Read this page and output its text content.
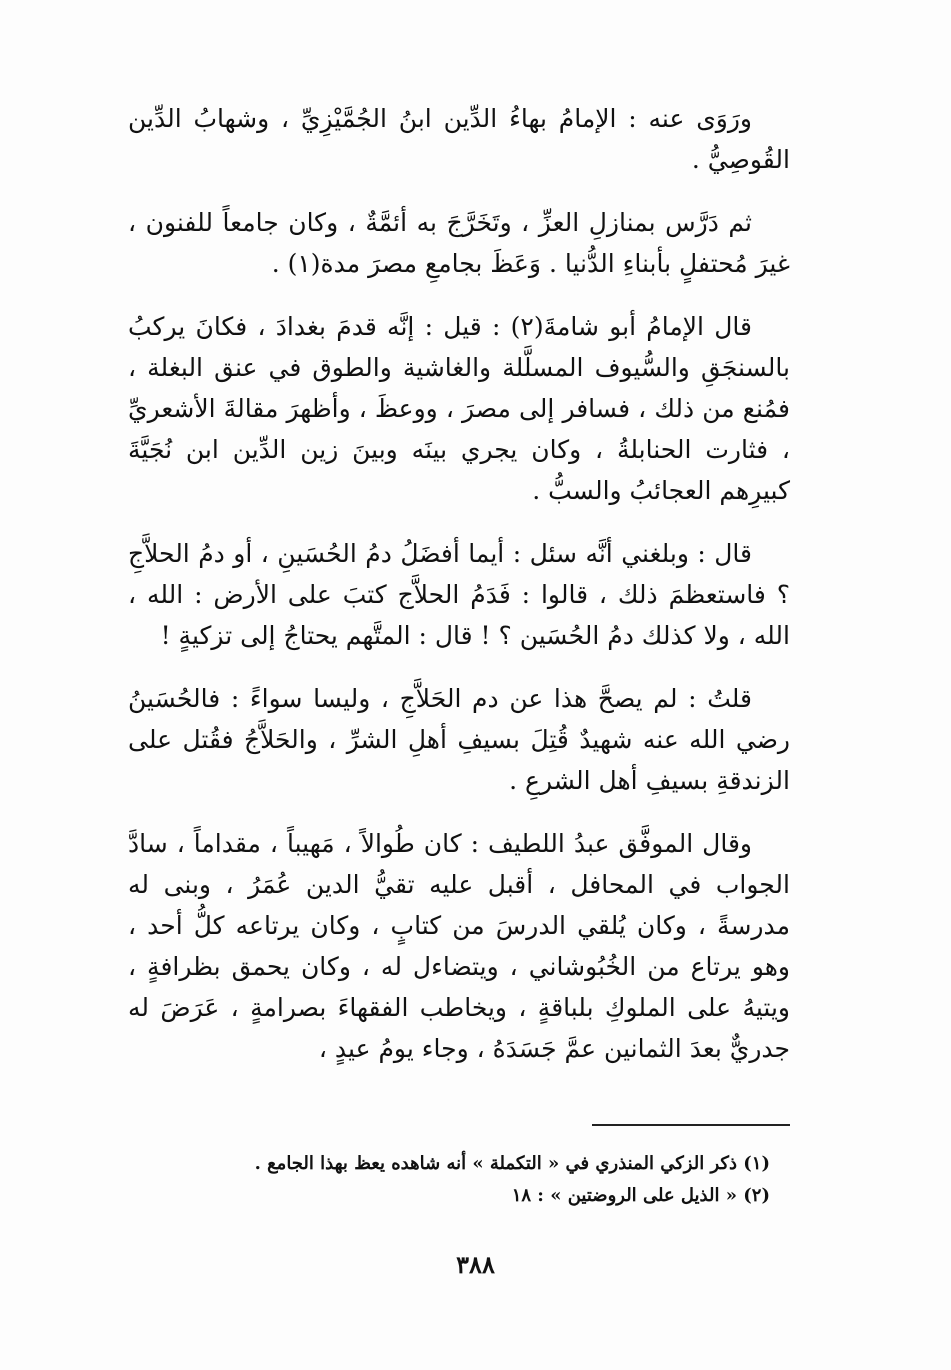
ورَوَى عنه : الإمامُ بهاءُ الدِّين ابنُ الجُمَّيْزِيِّ ، وشهابُ الدِّين القُوصِيُّ .

ثم دَرَّس بمنازلِ العزِّ ، وتَخَرَّجَ به أئمَّةٌ ، وكان جامعاً للفنون ، غيرَ مُحتفلٍ بأبناءِ الدُّنيا . وَعَظَ بجامعِ مصرَ مدة(١) .

قال الإمامُ أبو شامةَ(٢) : قيل : إنَّه قدمَ بغدادَ ، فكانَ يركبُ بالسنجَقِ والسُّيوف المسلَّلة والغاشية والطوق في عنق البغلة ، فمُنع من ذلك ، فسافر إلى مصرَ ، ووعظَ ، وأظهرَ مقالةَ الأشعريِّ ، فثارت الحنابلةُ ، وكان يجري بينَه وبينَ زين الدِّين ابن نُجَيَّةَ كبيرِهم العجائبُ والسبُّ .

قال : وبلغني أنَّه سئل : أيما أفضَلُ دمُ الحُسَينِ ، أو دمُ الحلاَّجِ ؟ فاستعظمَ ذلك ، قالوا : فَدَمُ الحلاَّج كتبَ على الأرض : الله ، الله ، ولا كذلك دمُ الحُسَين ؟ ! قال : المتَّهم يحتاجُ إلى تزكيةٍ !

قلتُ : لم يصحَّ هذا عن دم الحَلاَّجِ ، وليسا سواءً : فالحُسَينُ رضي الله عنه شهيدٌ قُتِلَ بسيفِ أهلِ الشرِّ ، والحَلاَّجُ فقُتل على الزندقةِ بسيفِ أهل الشرعِ .

وقال الموفَّق عبدُ اللطيف : كان طُوالاً ، مَهيباً ، مقداماً ، سادَّ الجواب في المحافل ، أقبل عليه تقيُّ الدين عُمَرُ ، وبنى له مدرسةً ، وكان يُلقي الدرسَ من كتابٍ ، وكان يرتاعه كلُّ أحد ، وهو يرتاع من الخُبُوشاني ، ويتضاءل له ، وكان يحمق بظرافةٍ ، ويتيهُ على الملوكِ بلباقةٍ ، ويخاطب الفقهاءَ بصرامةٍ ، عَرَضَ له جدريٌّ بعدَ الثمانين عمَّ جَسَدَهُ ، وجاء يومُ عيدٍ ،

(١) ذكر الزكي المنذري في « التكملة » أنه شاهده يعظ بهذا الجامع .

(٢) « الذيل على الروضتين » : ١٨

٣٨٨
